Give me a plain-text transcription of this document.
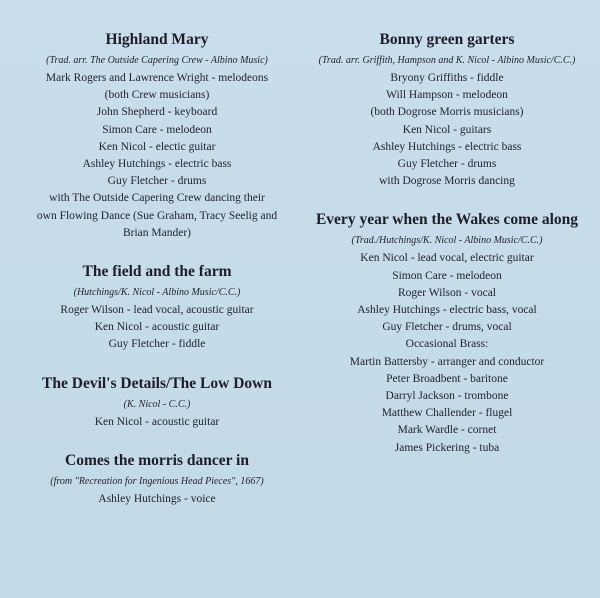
Highland Mary
(Trad. arr. The Outside Capering Crew - Albino Music)
Mark Rogers and Lawrence Wright - melodeons
(both Crew musicians)
John Shepherd - keyboard
Simon Care - melodeon
Ken Nicol - electic guitar
Ashley Hutchings - electric bass
Guy Fletcher - drums
with The Outside Capering Crew dancing their
own Flowing Dance (Sue Graham, Tracy Seelig and
Brian Mander)
The field and the farm
(Hutchings/K. Nicol - Albino Music/C.C.)
Roger Wilson - lead vocal, acoustic guitar
Ken Nicol - acoustic guitar
Guy Fletcher - fiddle
The Devil's Details/The Low Down
(K. Nicol - C.C.)
Ken Nicol - acoustic guitar
Comes the morris dancer in
(from "Recreation for Ingenious Head Pieces", 1667)
Ashley Hutchings - voice
Bonny green garters
(Trad. arr. Griffith, Hampson and K. Nicol - Albino Music/C.C.)
Bryony Griffiths - fiddle
Will Hampson - melodeon
(both Dogrose Morris musicians)
Ken Nicol - guitars
Ashley Hutchings - electric bass
Guy Fletcher - drums
with Dogrose Morris dancing
Every year when the Wakes come along
(Trad./Hutchings/K. Nicol - Albino Music/C.C.)
Ken Nicol - lead vocal, electric guitar
Simon Care - melodeon
Roger Wilson - vocal
Ashley Hutchings - electric bass, vocal
Guy Fletcher - drums, vocal
Occasional Brass:
Martin Battersby - arranger and conductor
Peter Broadbent - baritone
Darryl Jackson - trombone
Matthew Challender - flugel
Mark Wardle - cornet
James Pickering - tuba
